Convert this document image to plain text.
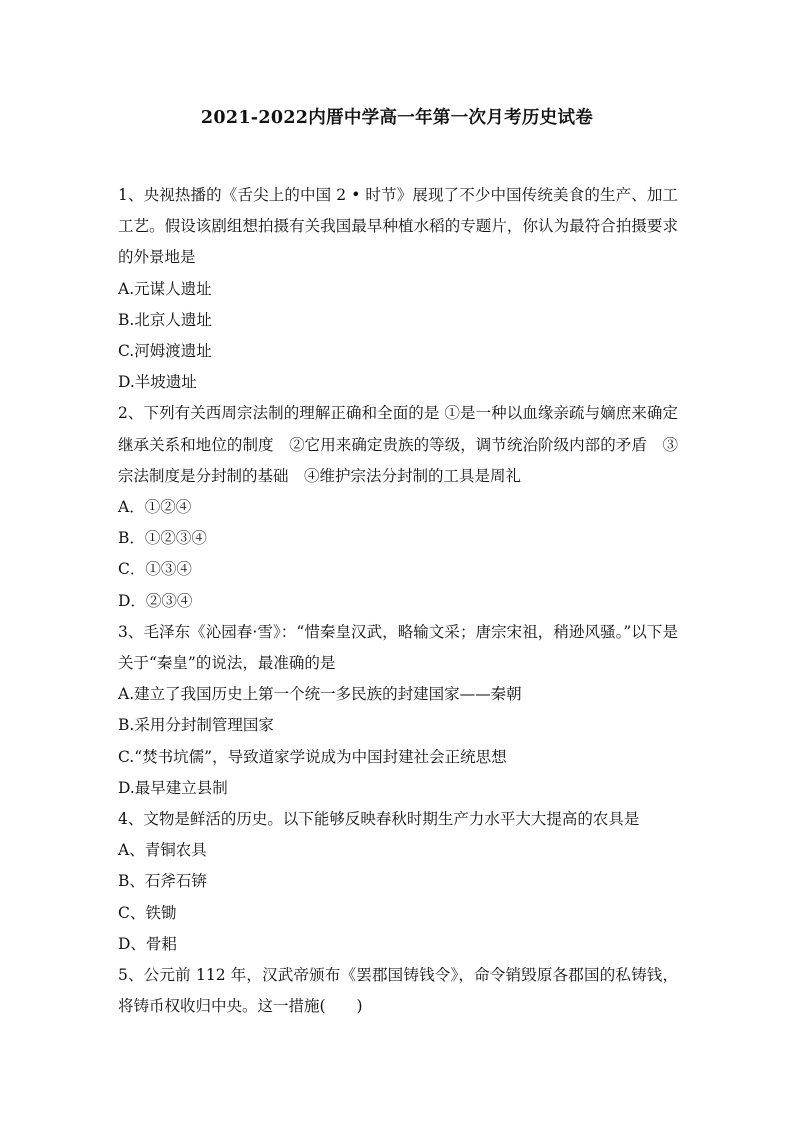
2021-2022内厝中学高一年第一次月考历史试卷
1、央视热播的《舌尖上的中国 2 • 时节》展现了不少中国传统美食的生产、加工工艺。假设该剧组想拍摄有关我国最早种植水稻的专题片，你认为最符合拍摄要求的外景地是
A.元谋人遗址
B.北京人遗址
C.河姆渡遗址
D.半坡遗址
2、下列有关西周宗法制的理解正确和全面的是 ①是一种以血缘亲疏与嫡庶来确定继承关系和地位的制度　②它用来确定贵族的等级，调节统治阶级内部的矛盾　③宗法制度是分封制的基础　④维护宗法分封制的工具是周礼
A．①②④
B．①②③④
C．①③④
D．②③④
3、毛泽东《沁园春·雪》：“惜秦皇汉武，略输文采；唐宗宋祖，稍逊风骚。”以下是关于“秦皇”的说法，最准确的是
A.建立了我国历史上第一个统一多民族的封建国家——秦朝
B.采用分封制管理国家
C.“焚书坑儒”，导致道家学说成为中国封建社会正统思想
D.最早建立县制
4、文物是鲜活的历史。以下能够反映春秋时期生产力水平大大提高的农具是
A、青铜农具
B、石斧石锛
C、铁锄
D、骨耜
5、公元前 112 年，汉武帝颁布《罢郡国铸钱令》，命令销毁原各郡国的私铸钱，将铸币权收归中央。这一措施(　　)
